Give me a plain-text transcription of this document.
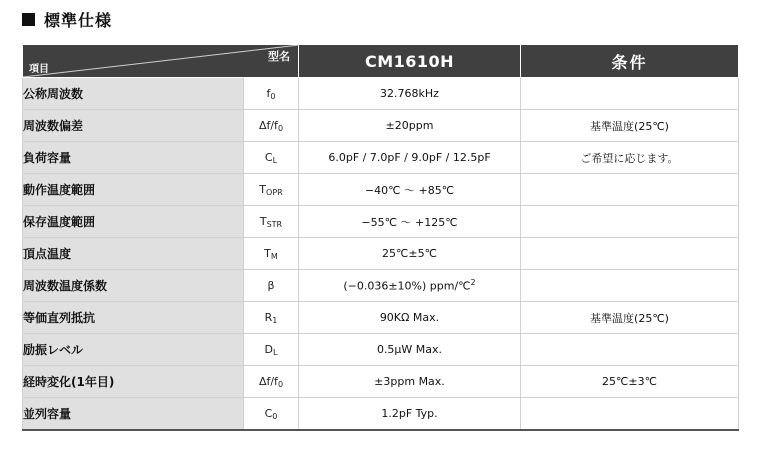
標準仕様
型名
項目		CM1610H	条件
公称周波数	$f_0$	32.768kHz	
周波数偏差	$\Delta f/f_0$	±20ppm	基準温度(25℃)
負荷容量	$C_L$	6.0pF / 7.0pF / 9.0pF / 12.5pF	ご希望に応じます。
動作温度範囲	$T_{OPR}$	−40℃ ～ +85℃	
保存温度範囲	$T_{STR}$	−55℃ ～ +125℃	
頂点温度	$T_M$	25℃±5℃	
周波数温度係数	β	(−0.036±10%) ppm/℃$^2$	
等価直列抵抗	$R_1$	90KΩ Max.	基準温度(25℃)
励振レベル	$D_L$	0.5μW Max.	
経時変化(1年目)	$\Delta f/f_0$	±3ppm Max.	25℃±3℃
並列容量	$C_0$	1.2pF Typ.	
